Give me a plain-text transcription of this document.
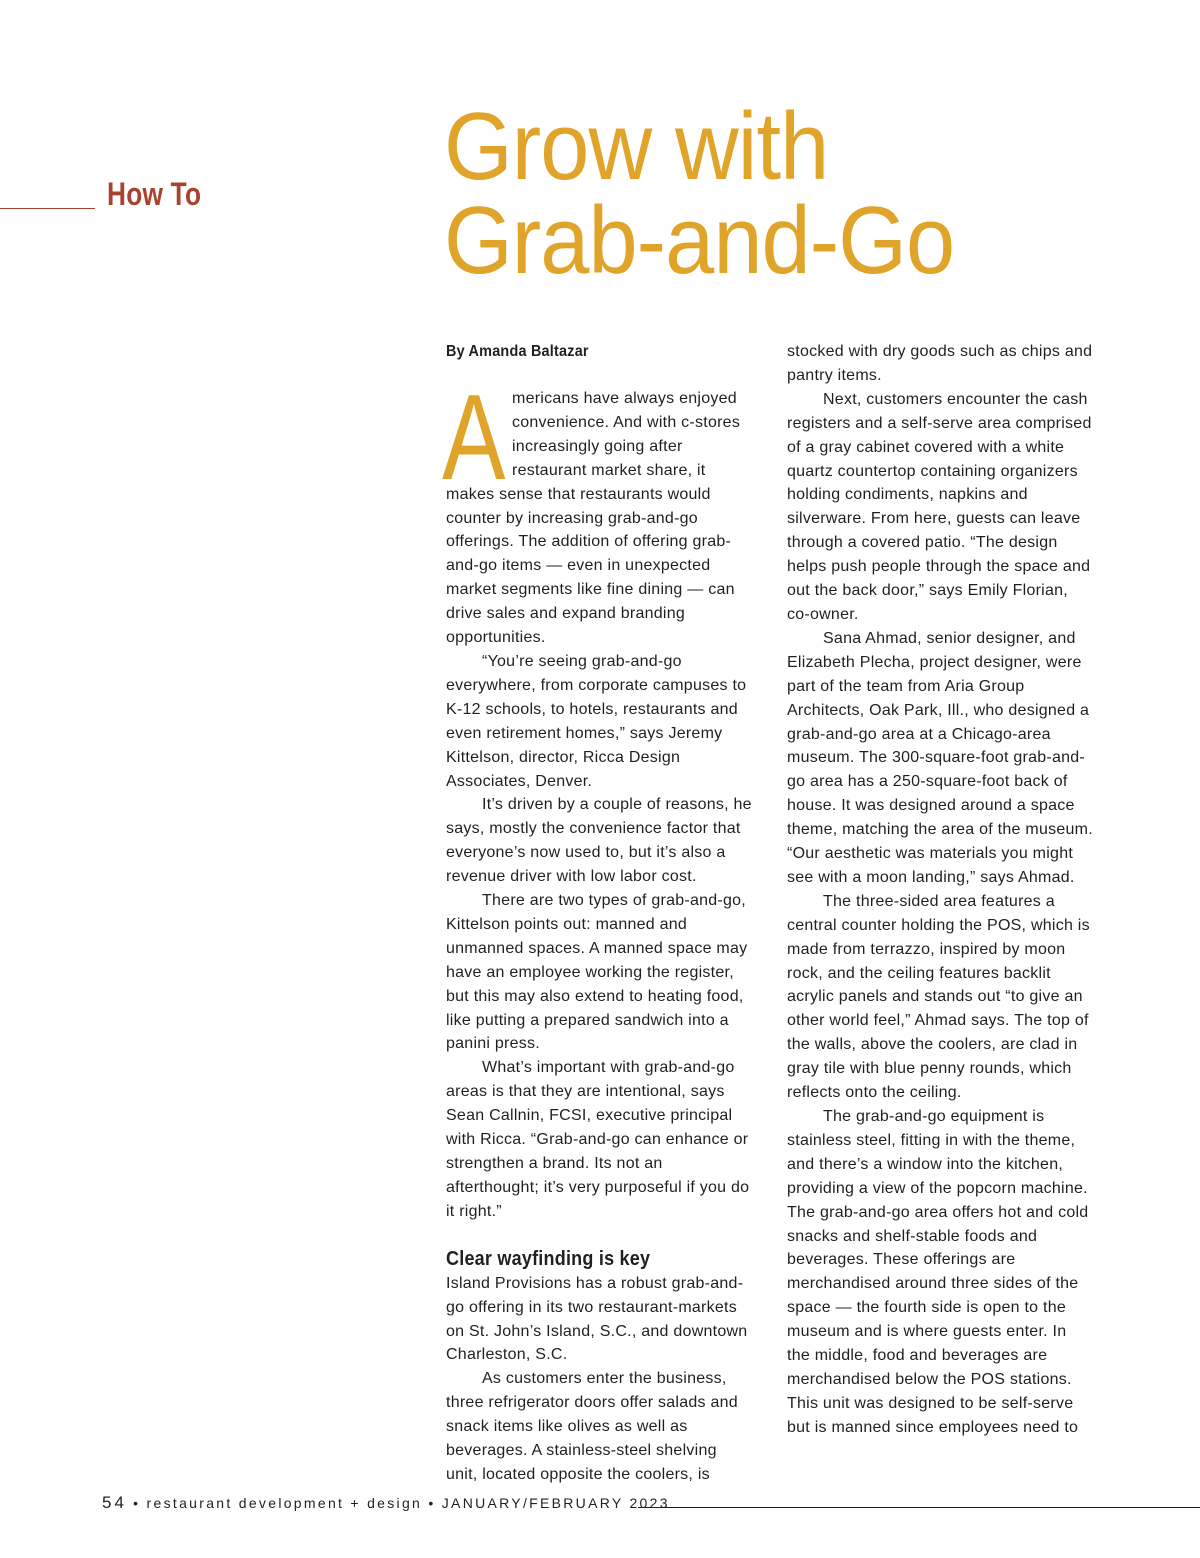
How To	Grow with
Grab-and-Go
By Amanda Baltazar

Americans have always enjoyed convenience. And with c-stores increasingly going after restaurant market share, it makes sense that restaurants would counter by increasing grab-and-go offerings. The addition of offering grab-and-go items — even in unexpected market segments like fine dining — can drive sales and expand branding opportunities.

“You’re seeing grab-and-go everywhere, from corporate campuses to K-12 schools, to hotels, restaurants and even retirement homes,” says Jeremy Kittelson, director, Ricca Design Associates, Denver.

It’s driven by a couple of reasons, he says, mostly the convenience factor that everyone’s now used to, but it’s also a revenue driver with low labor cost.

There are two types of grab-and-go, Kittelson points out: manned and unmanned spaces. A manned space may have an employee working the register, but this may also extend to heating food, like putting a prepared sandwich into a panini press.

What’s important with grab-and-go areas is that they are intentional, says Sean Callnin, FCSI, executive principal with Ricca. “Grab-and-go can enhance or strengthen a brand. Its not an afterthought; it’s very purposeful if you do it right.”

Clear wayfinding is key

Island Provisions has a robust grab-and-go offering in its two restaurant-markets on St. John’s Island, S.C., and downtown Charleston, S.C.

As customers enter the business, three refrigerator doors offer salads and snack items like olives as well as beverages. A stainless-steel shelving unit, located opposite the coolers, is

stocked with dry goods such as chips and pantry items.

Next, customers encounter the cash registers and a self-serve area comprised of a gray cabinet covered with a white quartz countertop containing organizers holding condiments, napkins and silverware. From here, guests can leave through a covered patio. “The design helps push people through the space and out the back door,” says Emily Florian, co-owner.

Sana Ahmad, senior designer, and Elizabeth Plecha, project designer, were part of the team from Aria Group Architects, Oak Park, Ill., who designed a grab-and-go area at a Chicago-area museum. The 300-square-foot grab-and-go area has a 250-square-foot back of house. It was designed around a space theme, matching the area of the museum. “Our aesthetic was materials you might see with a moon landing,” says Ahmad.

The three-sided area features a central counter holding the POS, which is made from terrazzo, inspired by moon rock, and the ceiling features backlit acrylic panels and stands out “to give an other world feel,” Ahmad says. The top of the walls, above the coolers, are clad in gray tile with blue penny rounds, which reflects onto the ceiling.

The grab-and-go equipment is stainless steel, fitting in with the theme, and there’s a window into the kitchen, providing a view of the popcorn machine. The grab-and-go area offers hot and cold snacks and shelf-stable foods and beverages. These offerings are merchandised around three sides of the space — the fourth side is open to the museum and is where guests enter. In the middle, food and beverages are merchandised below the POS stations. This unit was designed to be self-serve but is manned since employees need to

54 • restaurant development + design • JANUARY/FEBRUARY 2023
